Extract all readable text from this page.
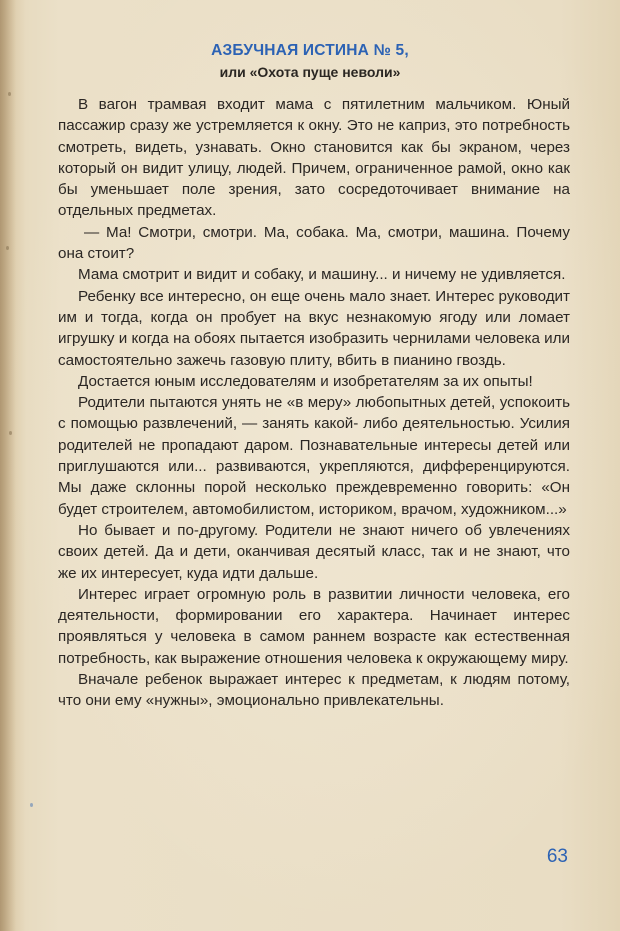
АЗБУЧНАЯ ИСТИНА № 5,
или «Охота пуще неволи»

В вагон трамвая входит мама с пятилетним мальчиком. Юный пассажир сразу же устремляется к окну. Это не каприз, это потребность смотреть, видеть, узнавать. Окно становится как бы экраном, через который он видит улицу, людей. Причем, ограниченное рамой, окно как бы уменьшает поле зрения, зато сосредоточивает внимание на отдельных предметах.

— Ма! Смотри, смотри. Ма, собака. Ма, смотри, машина. Почему она стоит?

Мама смотрит и видит и собаку, и машину... и ничему не удивляется.

Ребенку все интересно, он еще очень мало знает. Интерес руководит им и тогда, когда он пробует на вкус незнакомую ягоду или ломает игрушку и когда на обоях пытается изобразить чернилами человека или самостоятельно зажечь газовую плиту, вбить в пианино гвоздь.

Достается юным исследователям и изобретателям за их опыты!

Родители пытаются унять не «в меру» любопытных детей, успокоить с помощью развлечений, — занять какой- либо деятельностью. Усилия родителей не пропадают даром. Познавательные интересы детей или приглушаются или... развиваются, укрепляются, дифференцируются. Мы даже склонны порой несколько преждевременно говорить: «Он будет строителем, автомобилистом, историком, врачом, художником...»

Но бывает и по-другому. Родители не знают ничего об увлечениях своих детей. Да и дети, оканчивая десятый класс, так и не знают, что же их интересует, куда идти дальше.

Интерес играет огромную роль в развитии личности человека, его деятельности, формировании его характера. Начинает интерес проявляться у человека в самом раннем возрасте как естественная потребность, как выражение отношения человека к окружающему миру.

Вначале ребенок выражает интерес к предметам, к людям потому, что они ему «нужны», эмоционально привлекательны.

63
